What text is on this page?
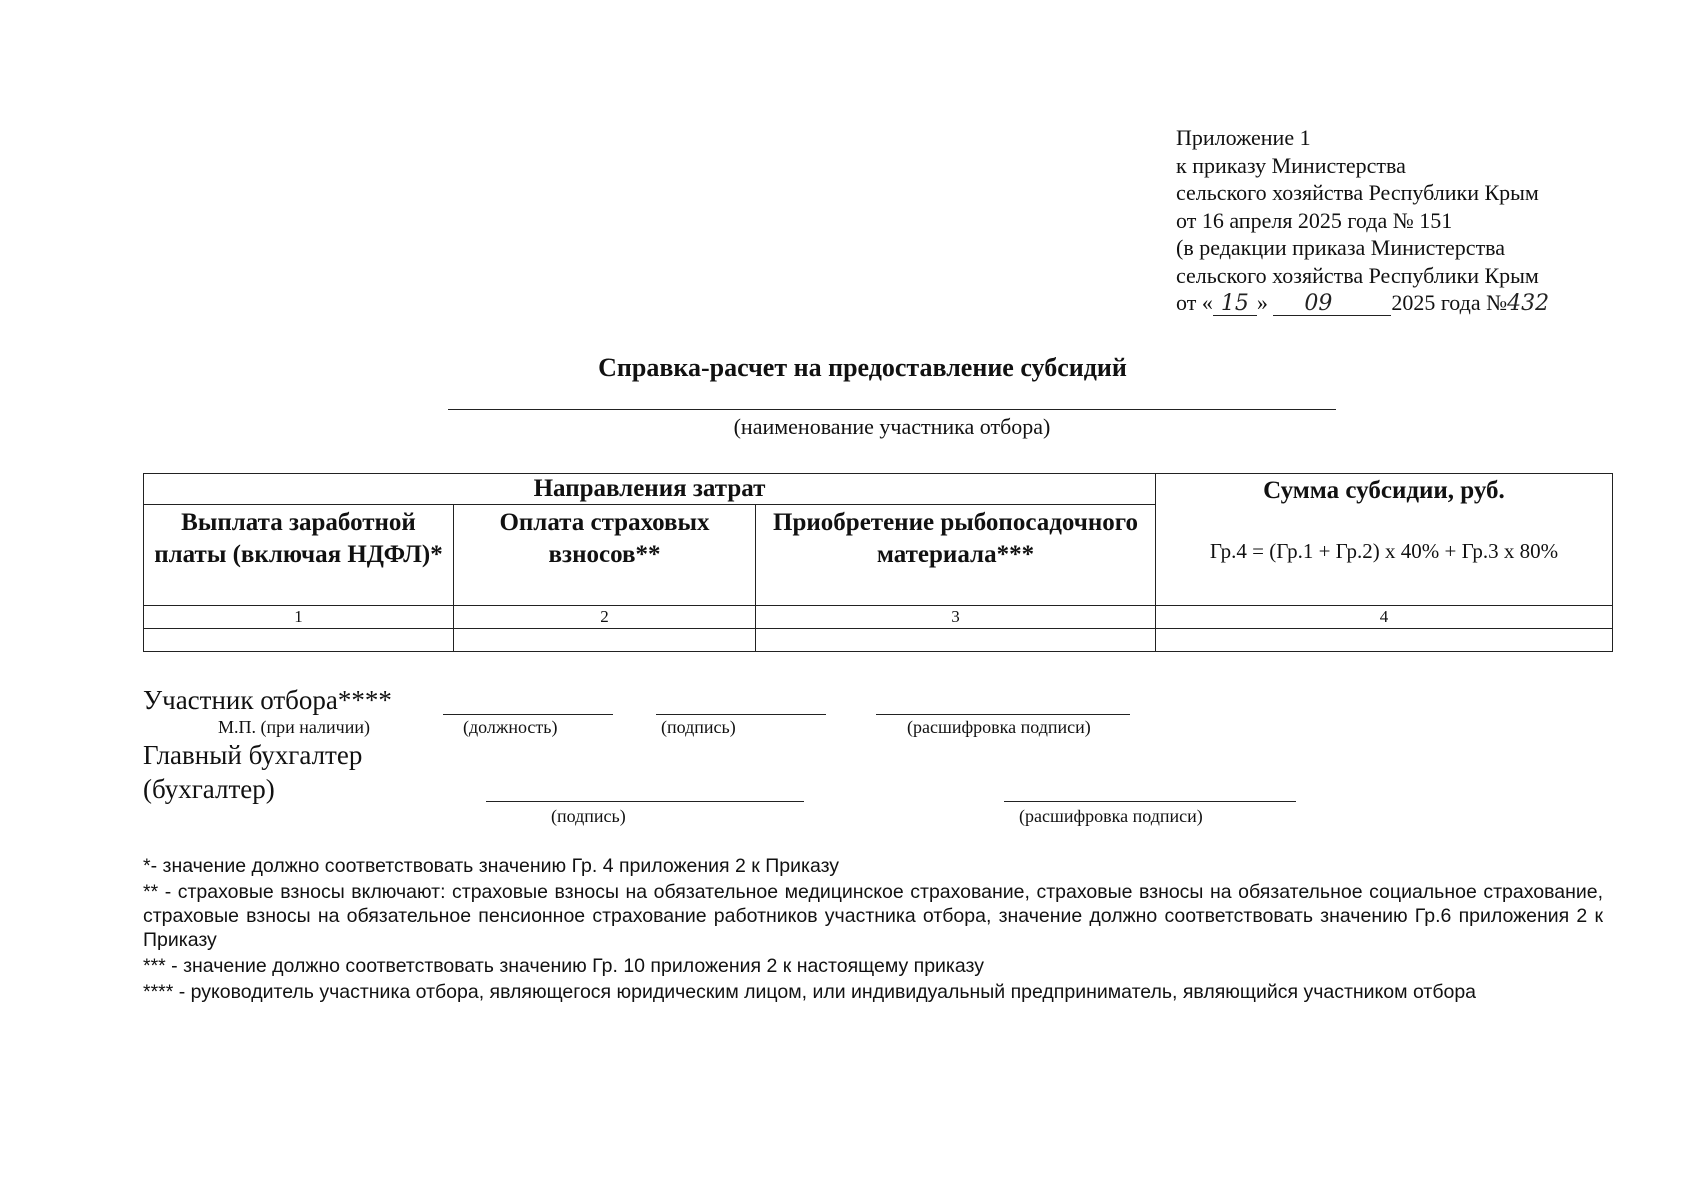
Приложение 1
к приказу Министерства
сельского хозяйства Республики Крым
от 16 апреля 2025 года № 151
(в редакции приказа Министерства
сельского хозяйства Республики Крым
от « 15 » 09	2025 года №432
Справка-расчет на предоставление субсидий
(наименование участника отбора)
Направления затрат			Сумма субсидии, руб.
Гр.4 = (Гр.1 + Гр.2) х 40% + Гр.3 х 80%

Выплата заработной платы (включая НДФЛ)*	Оплата страховых взносов**	Приобретение рыбопосадочного материала***	
1	2	3	4

Участник отбора****
М.П. (при наличии)	(должность)	(подпись)	(расшифровка подписи)
Главный бухгалтер
(бухгалтер)
(подпись)	(расшифровка подписи)
*- значение должно соответствовать значению Гр. 4 приложения 2 к Приказу
** - страховые взносы включают: страховые взносы на обязательное медицинское страхование, страховые взносы на обязательное социальное страхование, страховые взносы на обязательное пенсионное страхование работников участника отбора, значение должно соответствовать значению Гр.6 приложения 2 к Приказу
*** - значение должно соответствовать значению Гр. 10 приложения 2 к настоящему приказу
**** - руководитель участника отбора, являющегося юридическим лицом, или индивидуальный предприниматель, являющийся участником отбора
